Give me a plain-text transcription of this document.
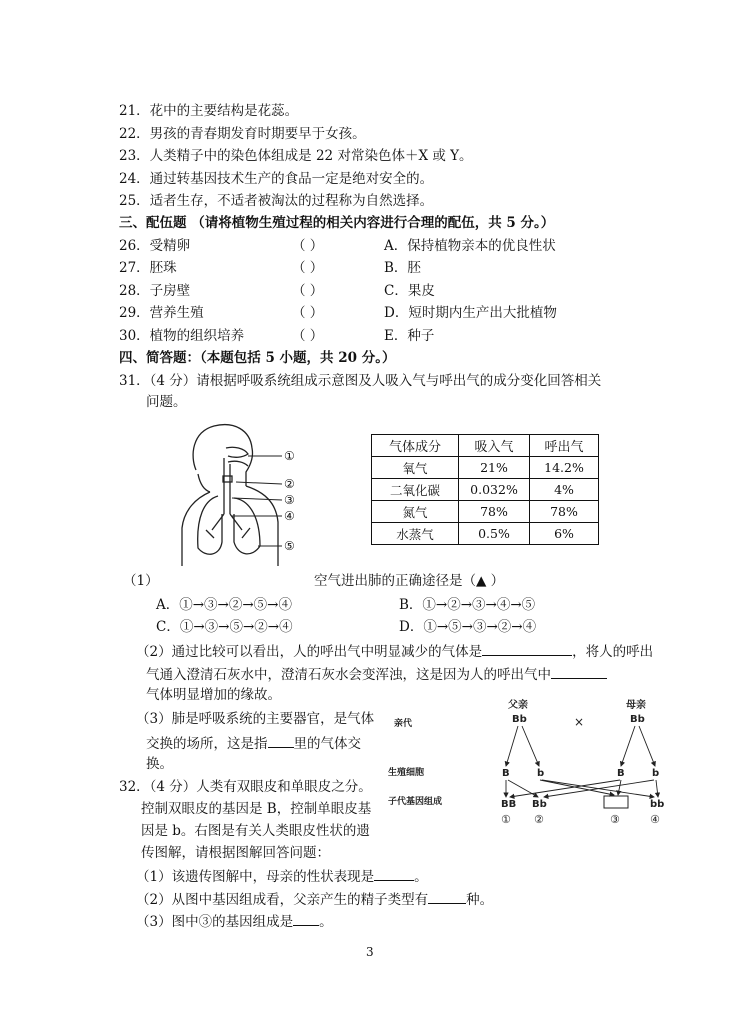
21．花中的主要结构是花蕊。
22．男孩的青春期发育时期要早于女孩。
23．人类精子中的染色体组成是 22 对常染色体＋X 或 Y。
24．通过转基因技术生产的食品一定是绝对安全的。
25．适者生存，不适者被淘汰的过程称为自然选择。
三、配伍题 （请将植物生殖过程的相关内容进行合理的配伍，共 5 分。）
26．受精卵	（ ）	A．保持植物亲本的优良性状
27．胚珠	（ ）	B．胚
28．子房壁	（ ）	C．果皮
29．营养生殖	（ ）	D．短时期内生产出大批植物
30．植物的组织培养	（ ）	E．种子
四、简答题：（本题包括 5 小题，共 20 分。）
31．（4 分）请根据呼吸系统组成示意图及人吸入气与呼出气的成分变化回答相关
问题。
①
②
③
④
⑤
气体成分	吸入气	呼出气
氧气	21%	14.2%
二氧化碳	0.032%	4%
氮气	78%	78%
水蒸气	0.5%	6%
（1）	空气进出肺的正确途径是（▲ ）
A．①→③→②→⑤→④	B．①→②→③→④→⑤
C．①→③→⑤→②→④	D．①→⑤→③→②→④
（2）通过比较可以看出，人的呼出气中明显减少的气体是	，将人的呼出
气通入澄清石灰水中，澄清石灰水会变浑浊，这是因为人的呼出气中
气体明显增加的缘故。
（3）肺是呼吸系统的主要器官，是气体
交换的场所，这是指 里的气体交
换。
32．（4 分）人类有双眼皮和单眼皮之分。
控制双眼皮的基因是 B，控制单眼皮基
因是 b。右图是有关人类眼皮性状的遗
传图解，请根据图解回答问题：
（1）该遗传图解中，母亲的性状表现是	。
（2）从图中基因组成看，父亲产生的精子类型有	种。
（3）图中③的基因组成是 。
父亲	母亲
Bb	Bb
×
亲代
生殖细胞
子代基因组成
B	b	B	b
BB Bb	bb
① ②	③	④
3
